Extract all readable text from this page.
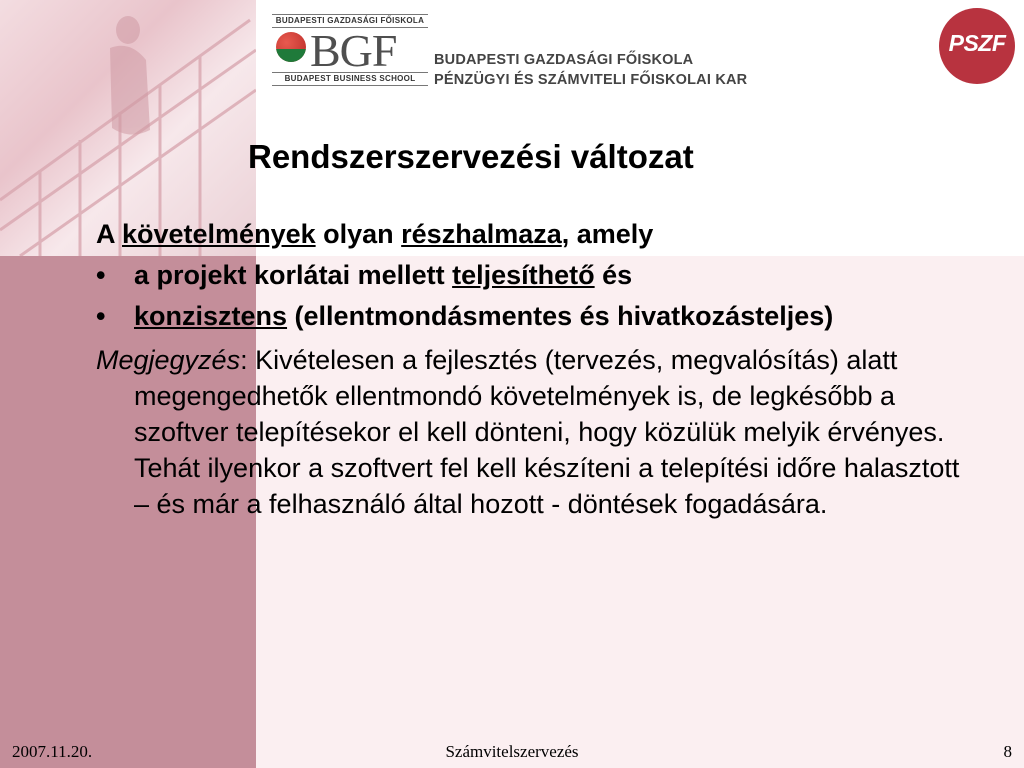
BUDAPESTI GAZDASÁGI FŐISKOLA
BGF
BUDAPEST BUSINESS SCHOOL
BUDAPESTI GAZDASÁGI FŐISKOLA
PÉNZÜGYI ÉS SZÁMVITELI FŐISKOLAI KAR
PSZF
Rendszerszervezési változat

A követelmények olyan részhalmaza, amely

• a projekt korlátai mellett teljesíthető és

• konzisztens (ellentmondásmentes és hivatkozásteljes)

Megjegyzés: Kivételesen a fejlesztés (tervezés, megvalósítás) alatt megengedhetők ellentmondó követelmények is, de legkésőbb a szoftver telepítésekor el kell dönteni, hogy közülük melyik érvényes. Tehát ilyenkor a szoftvert fel kell készíteni a telepítési időre halasztott – és már a felhasználó által hozott - döntések fogadására.

Számvitelszervezés
2007.11.20.	8
